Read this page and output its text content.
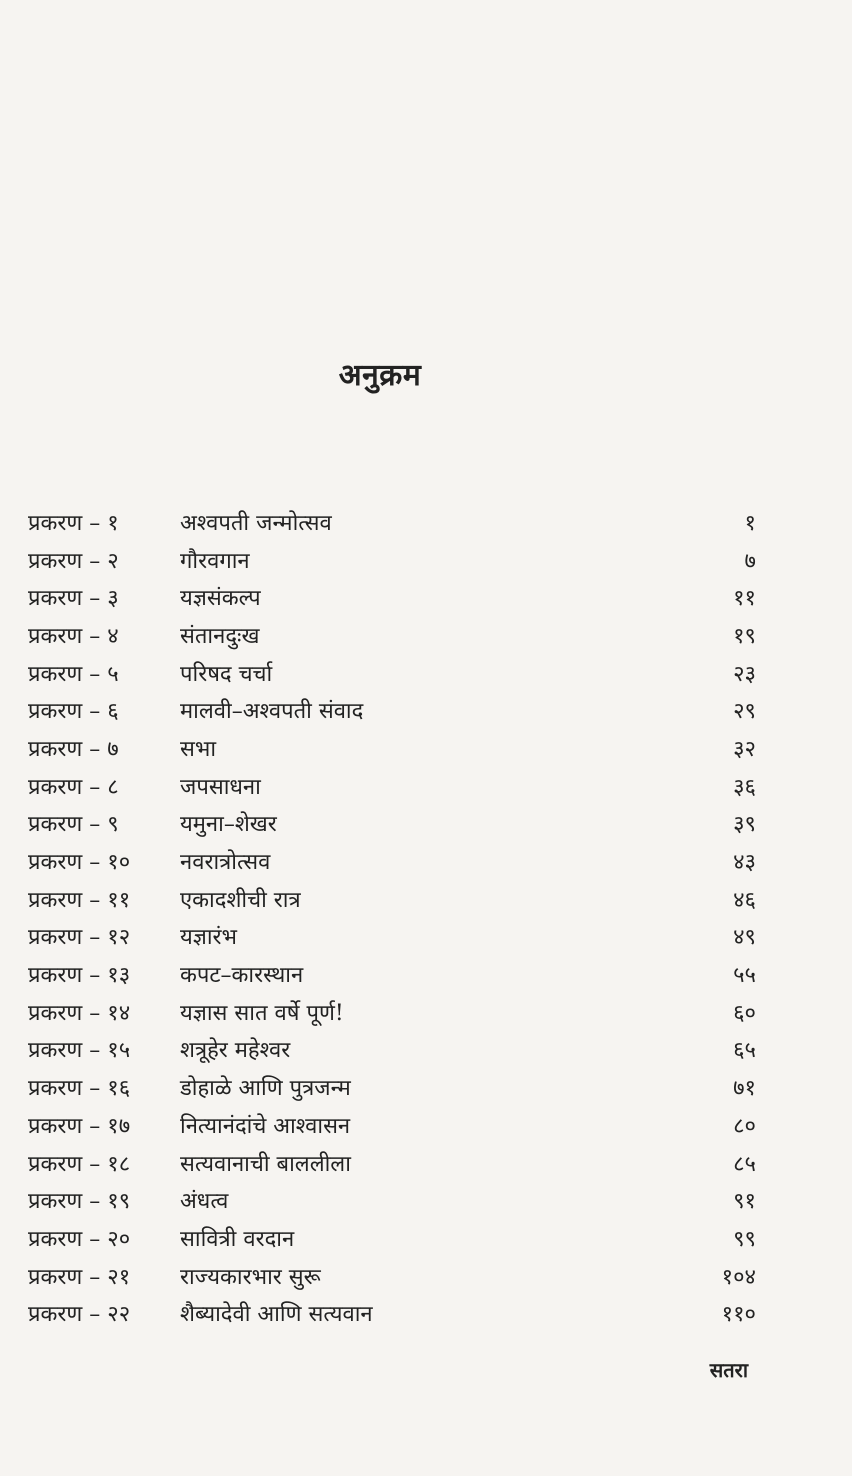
अनुक्रम
प्रकरण – १	अश्वपती जन्मोत्सव	१
प्रकरण – २	गौरवगान	७
प्रकरण – ३	यज्ञसंकल्प	११
प्रकरण – ४	संतानदुःख	१९
प्रकरण – ५	परिषद चर्चा	२३
प्रकरण – ६	मालवी–अश्वपती संवाद	२९
प्रकरण – ७	सभा	३२
प्रकरण – ८	जपसाधना	३६
प्रकरण – ९	यमुना–शेखर	३९
प्रकरण – १०	नवरात्रोत्सव	४३
प्रकरण – ११	एकादशीची रात्र	४६
प्रकरण – १२	यज्ञारंभ	४९
प्रकरण – १३	कपट–कारस्थान	५५
प्रकरण – १४	यज्ञास सात वर्षे पूर्ण!	६०
प्रकरण – १५	शत्रूहेर महेश्वर	६५
प्रकरण – १६	डोहाळे आणि पुत्रजन्म	७१
प्रकरण – १७	नित्यानंदांचे आश्वासन	८०
प्रकरण – १८	सत्यवानाची बाललीला	८५
प्रकरण – १९	अंधत्व	९१
प्रकरण – २०	सावित्री वरदान	९९
प्रकरण – २१	राज्यकारभार सुरू	१०४
प्रकरण – २२	शैब्यादेवी आणि सत्यवान	११०
सतरा
